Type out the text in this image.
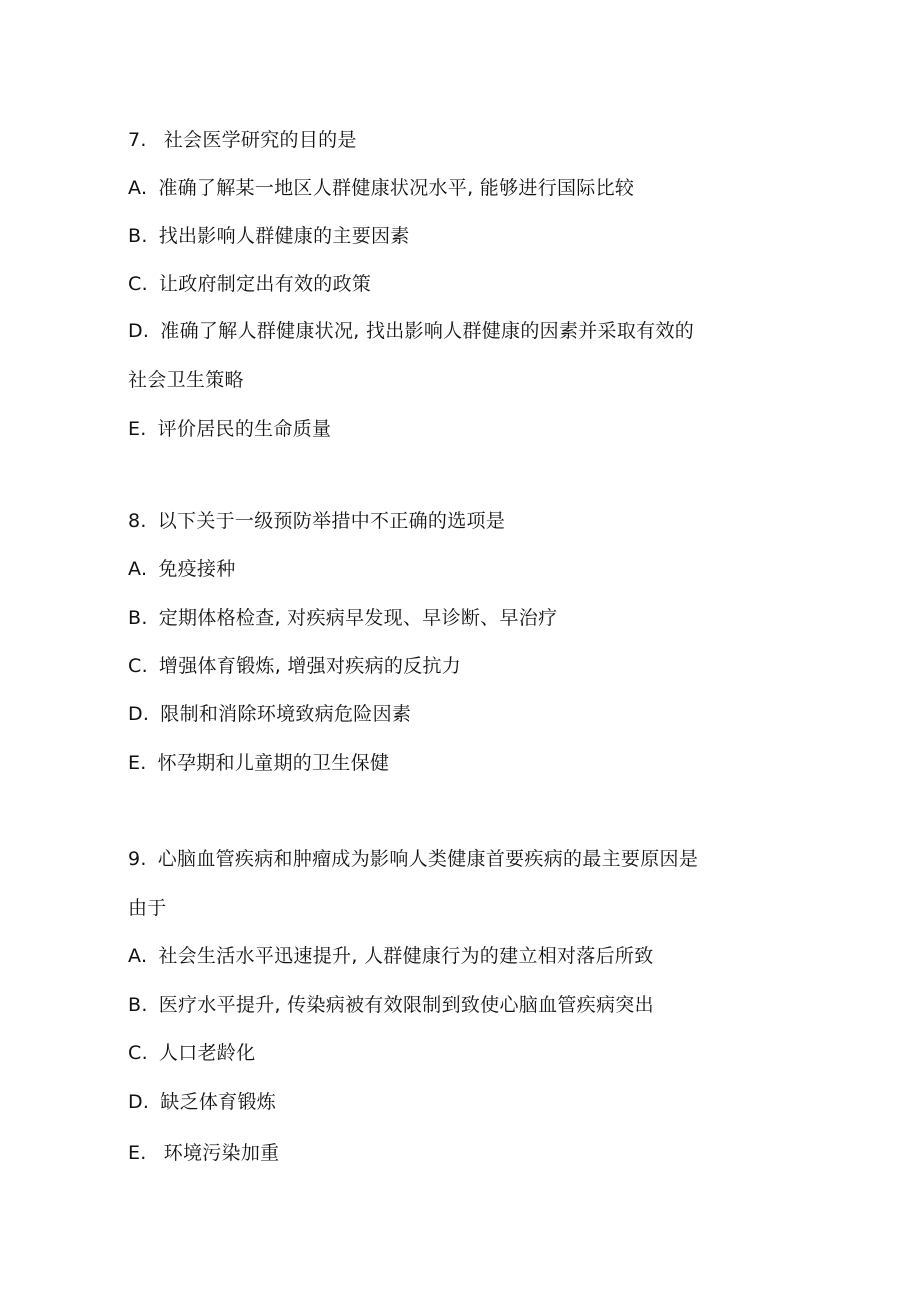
7. 社会医学研究的目的是
A. 准确了解某一地区人群健康状况水平, 能够进行国际比较
B. 找出影响人群健康的主要因素
C. 让政府制定出有效的政策
D. 准确了解人群健康状况, 找出影响人群健康的因素并采取有效的
社会卫生策略
E. 评价居民的生命质量
8. 以下关于一级预防举措中不正确的选项是
A. 免疫接种
B. 定期体格检查, 对疾病早发现、早诊断、早治疗
C. 增强体育锻炼, 增强对疾病的反抗力
D. 限制和消除环境致病危险因素
E. 怀孕期和儿童期的卫生保健
9. 心脑血管疾病和肿瘤成为影响人类健康首要疾病的最主要原因是
由于
A. 社会生活水平迅速提升, 人群健康行为的建立相对落后所致
B. 医疗水平提升, 传染病被有效限制到致使心脑血管疾病突出
C. 人口老龄化
D. 缺乏体育锻炼
E. 环境污染加重
